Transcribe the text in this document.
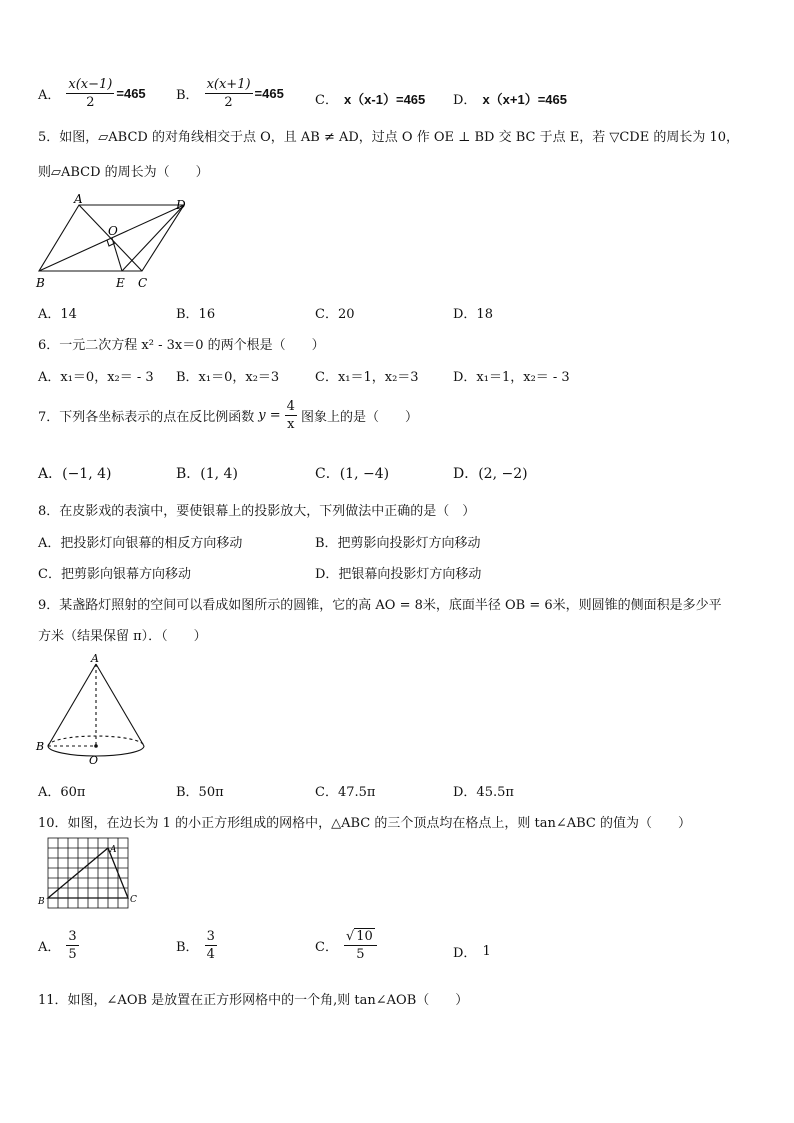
A． $\frac{x(x-1)}{2} =465$ B． $\frac{x(x+1)}{2} =465$ C． x（x-1）=465 D． x（x+1）=465
5．如图，▱ABCD 的对角线相交于点 O，且 AB ≠ AD，过点 O 作 OE ⊥ BD 交 BC 于点 E，若 ▽CDE 的周长为 10，
则▱ABCD 的周长为（　　）
A	D
O
B	E C
A．14	B．16	C．20	D．18
6．一元二次方程 x² - 3x＝0 的两个根是（　　）
A．x₁＝0，x₂＝ - 3 B．x₁＝0，x₂＝3	C．x₁＝1，x₂＝3	D．x₁＝1，x₂＝ - 3
7．下列各坐标表示的点在反比例函数 $y = \frac{4}{x}$ 图象上的是（　　）
A．(−1, 4)	B．(1, 4)	C．(1, −4)	D．(2, −2)
8．在皮影戏的表演中，要使银幕上的投影放大，下列做法中正确的是（　）
A．把投影灯向银幕的相反方向移动	B．把剪影向投影灯方向移动
C．把剪影向银幕方向移动	D．把银幕向投影灯方向移动
9．某盏路灯照射的空间可以看成如图所示的圆锥，它的高 AO = 8米，底面半径 OB = 6米，则圆锥的侧面积是多少平
方米（结果保留 π）．（　　）
A
B
O
A．60π	B．50π	C．47.5π	D．45.5π
10．如图，在边长为 1 的小正方形组成的网格中，△ABC 的三个顶点均在格点上，则 tan∠ABC 的值为（　　）
A
B	C
A． $\frac{3}{5}$	B． $\frac{3}{4}$	C． $\frac{√ 10}{5}$	D． 1
11．如图，∠AOB 是放置在正方形网格中的一个角,则 tan∠AOB（　　）
